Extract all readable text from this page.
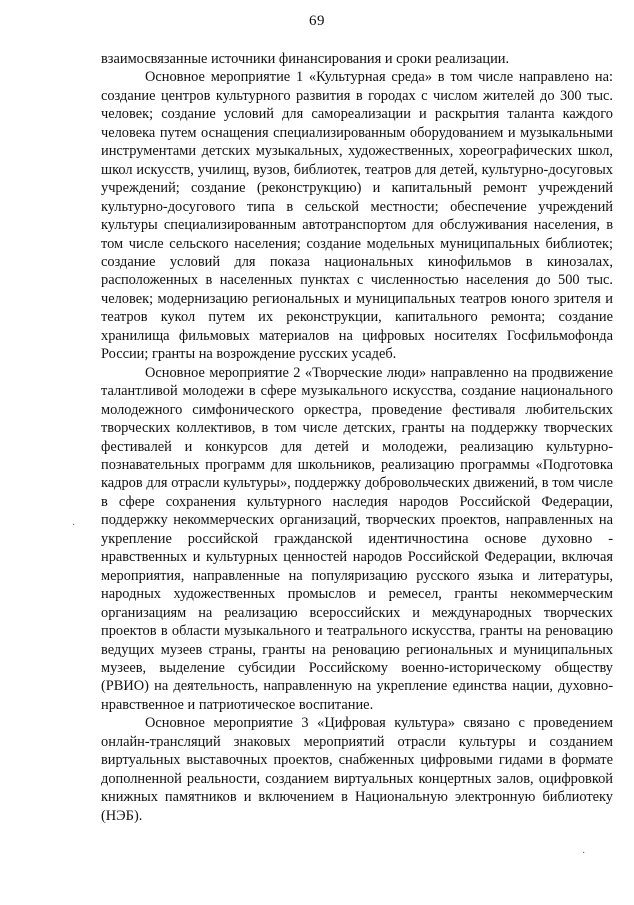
69

взаимосвязанные источники финансирования и сроки реализации.

Основное мероприятие 1 «Культурная среда» в том числе направлено на: создание центров культурного развития в городах с числом жителей до 300 тыс. человек; создание условий для самореализации и раскрытия таланта каждого человека путем оснащения специализированным оборудованием и музыкальными инструментами детских музыкальных, художественных, хореографических школ, школ искусств, училищ, вузов, библиотек, театров для детей, культурно-досуговых учреждений; создание (реконструкцию) и капитальный ремонт учреждений культурно-досугового типа в сельской местности; обеспечение учреждений культуры специализированным автотранспортом для обслуживания населения, в том числе сельского населения; создание модельных муниципальных библиотек; создание условий для показа национальных кинофильмов в кинозалах, расположенных в населенных пунктах с численностью населения до 500 тыс. человек; модернизацию региональных и муниципальных театров юного зрителя и театров кукол путем их реконструкции, капитального ремонта; создание хранилища фильмовых материалов на цифровых носителях Госфильмофонда России; гранты на возрождение русских усадеб.

Основное мероприятие 2 «Творческие люди» направленно на продвижение талантливой молодежи в сфере музыкального искусства, создание национального молодежного симфонического оркестра, проведение фестиваля любительских творческих коллективов, в том числе детских, гранты на поддержку творческих фестивалей и конкурсов для детей и молодежи, реализацию культурно-познавательных программ для школьников, реализацию программы «Подготовка кадров для отрасли культуры», поддержку добровольческих движений, в том числе в сфере сохранения культурного наследия народов Российской Федерации, поддержку некоммерческих организаций, творческих проектов, направленных на укрепление российской гражданской идентичностина основе духовно - нравственных и культурных ценностей народов Российской Федерации, включая мероприятия, направленные на популяризацию русского языка и литературы, народных художественных промыслов и ремесел, гранты некоммерческим организациям на реализацию всероссийских и международных творческих проектов в области музыкального и театрального искусства, гранты на реновацию ведущих музеев страны, гранты на реновацию региональных и муниципальных музеев, выделение субсидии Российскому военно-историческому обществу (РВИО) на деятельность, направленную на укрепление единства нации, духовно-нравственное и патриотическое воспитание.

Основное мероприятие 3 «Цифровая культура» связано с проведением онлайн-трансляций знаковых мероприятий отрасли культуры и созданием виртуальных выставочных проектов, снабженных цифровыми гидами в формате дополненной реальности, созданием виртуальных концертных залов, оцифровкой книжных памятников и включением в Национальную электронную библиотеку (НЭБ).

·
·
